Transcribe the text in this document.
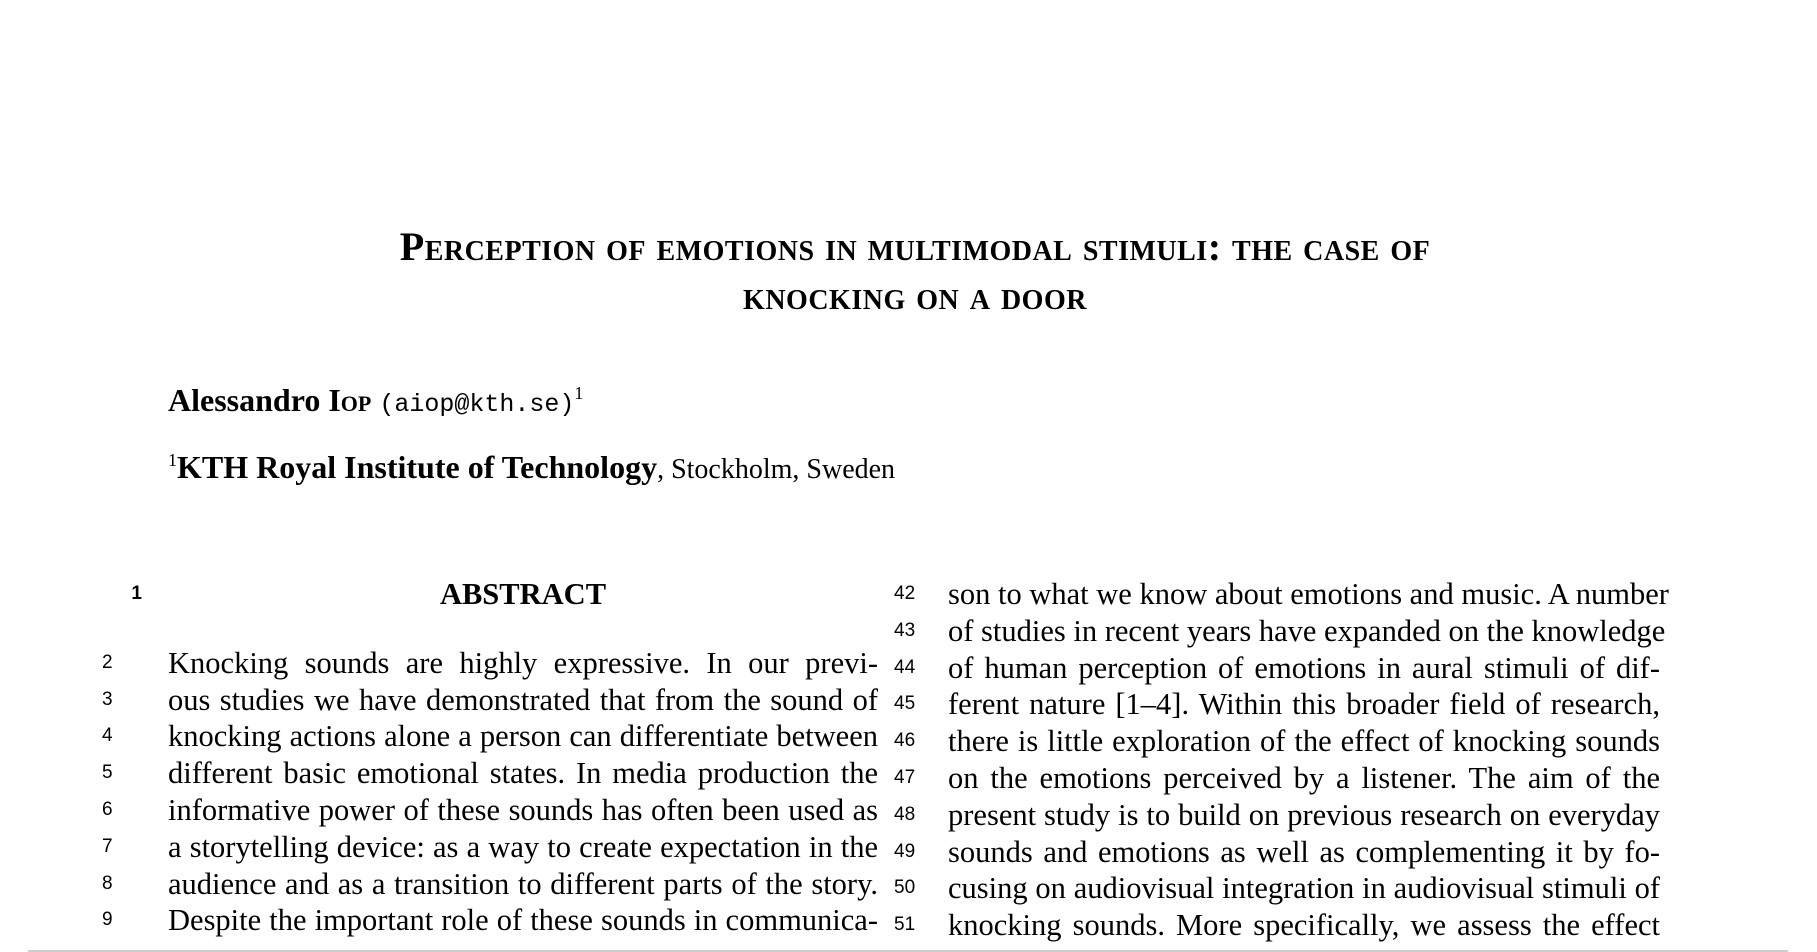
Perception of emotions in multimodal stimuli: the case of
knocking on a door
Alessandro Iop (aiop@kth.se)$^1$
$^1$KTH Royal Institute of Technology, Stockholm, Sweden
1	ABSTRACT
2	Knocking sounds are highly expressive. In our previ-
3	ous studies we have demonstrated that from the sound of
4	knocking actions alone a person can differentiate between
5	different basic emotional states. In media production the
6	informative power of these sounds has often been used as
7	a storytelling device: as a way to create expectation in the
8	audience and as a transition to different parts of the story.
9	Despite the important role of these sounds in communica-
42	son to what we know about emotions and music. A number
43	of studies in recent years have expanded on the knowledge
44	of human perception of emotions in aural stimuli of dif-
45	ferent nature [1–4]. Within this broader field of research,
46	there is little exploration of the effect of knocking sounds
47	on the emotions perceived by a listener. The aim of the
48	present study is to build on previous research on everyday
49	sounds and emotions as well as complementing it by fo-
50	cusing on audiovisual integration in audiovisual stimuli of
51	knocking sounds. More specifically, we assess the effect
